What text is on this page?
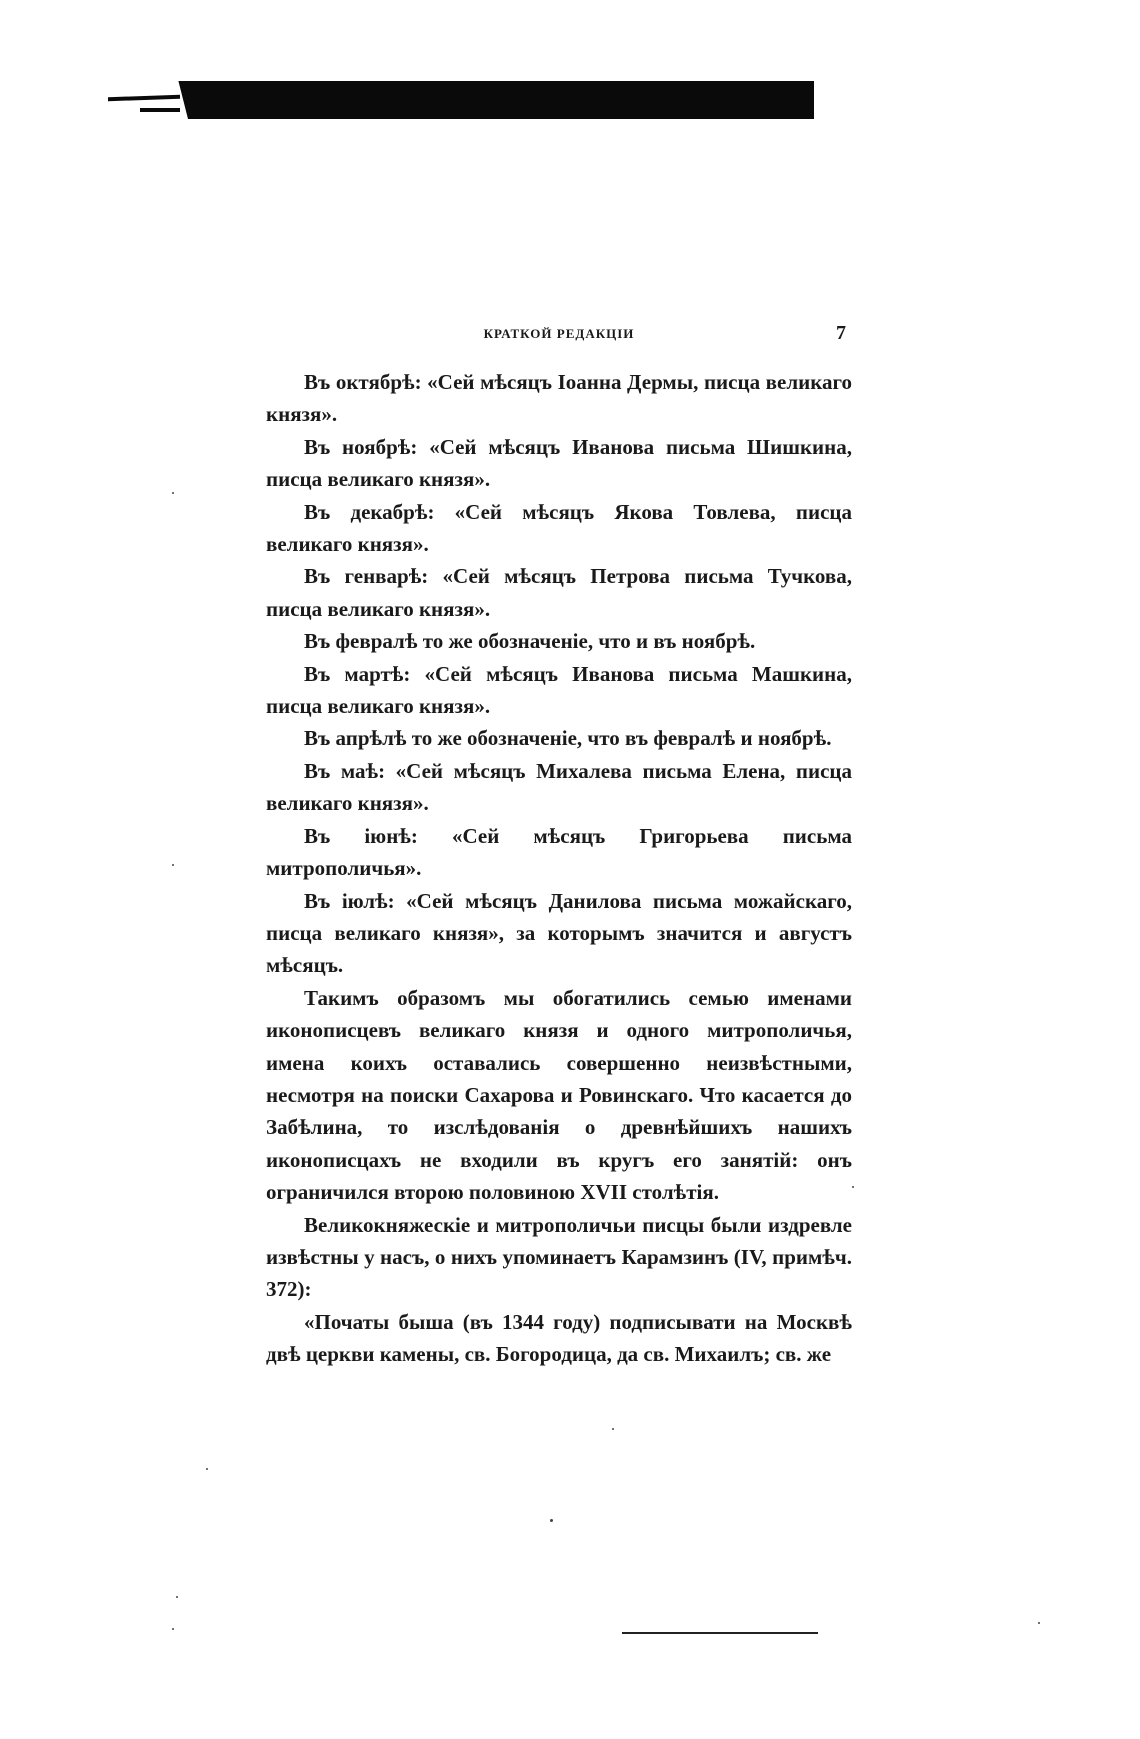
КРАТКОЙ РЕДАКЦІИ	7

Въ октябрѣ: «Сей мѣсяцъ Іоанна Дермы, писца великаго князя».

Въ ноябрѣ: «Сей мѣсяцъ Иванова письма Шишкина, писца великаго князя».

Въ декабрѣ: «Сей мѣсяцъ Якова Товлева, писца великаго князя».

Въ генварѣ: «Сей мѣсяцъ Петрова письма Тучкова, писца великаго князя».

Въ февралѣ то же обозначеніе, что и въ ноябрѣ.

Въ мартѣ: «Сей мѣсяцъ Иванова письма Машкина, писца великаго князя».

Въ апрѣлѣ то же обозначеніе, что въ февралѣ и ноябрѣ.

Въ маѣ: «Сей мѣсяцъ Михалева письма Елена, писца великаго князя».

Въ іюнѣ: «Сей мѣсяцъ Григорьева письма митрополичья».

Въ іюлѣ: «Сей мѣсяцъ Данилова письма можайскаго, писца великаго князя», за которымъ значится и августъ мѣсяцъ.

Такимъ образомъ мы обогатились семью именами иконописцевъ великаго князя и одного митрополичья, имена коихъ оставались совершенно неизвѣстными, несмотря на поиски Сахарова и Ровинскаго. Что касается до Забѣлина, то изслѣдованія о древнѣйшихъ нашихъ иконописцахъ не входили въ кругъ его занятій: онъ ограничился второю половиною XVII столѣтія.

Великокняжескіе и митрополичьи писцы были издревле извѣстны у насъ, о нихъ упоминаетъ Карамзинъ (IV, примѣч. 372):

«Початы быша (въ 1344 году) подписывати на Москвѣ двѣ церкви камены, св. Богородица, да св. Михаилъ; св. же
